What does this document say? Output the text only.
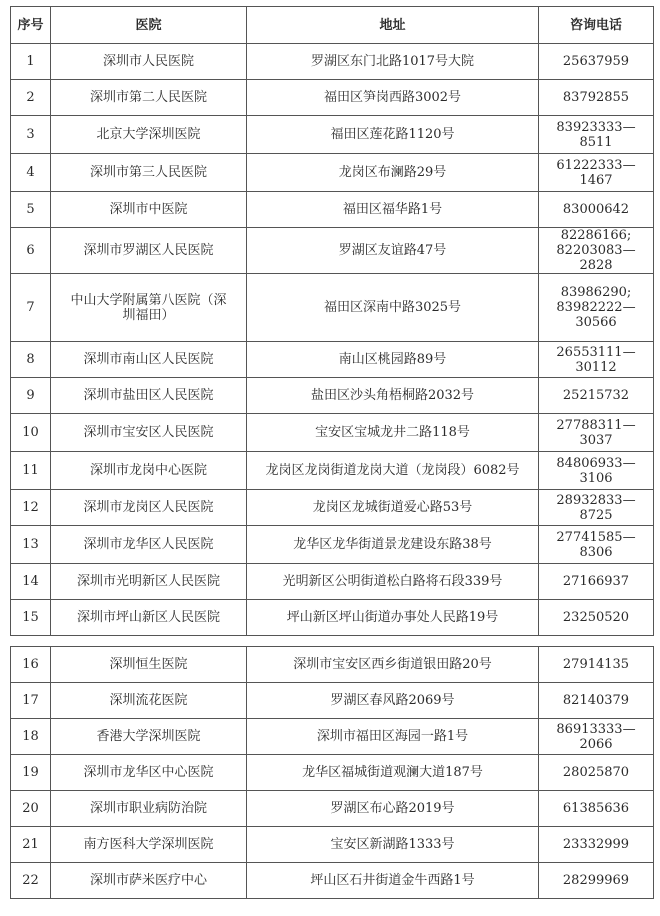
序号	医院	地址	咨询电话
1	深圳市人民医院	罗湖区东门北路1017号大院	25637959
2	深圳市第二人民医院	福田区笋岗西路3002号	83792855
3	北京大学深圳医院	福田区莲花路1120号	83923333—
8511
4	深圳市第三人民医院	龙岗区布澜路29号	61222333—
1467
5	深圳市中医院	福田区福华路1号	83000642
6	深圳市罗湖区人民医院	罗湖区友谊路47号	82286166;
82203083—2828
7	中山大学附属第八医院（深
圳福田）	福田区深南中路3025号	83986290;
83982222—
30566
8	深圳市南山区人民医院	南山区桃园路89号	26553111—
30112
9	深圳市盐田区人民医院	盐田区沙头角梧桐路2032号	25215732
10	深圳市宝安区人民医院	宝安区宝城龙井二路118号	27788311—
3037
11	深圳市龙岗中心医院	龙岗区龙岗街道龙岗大道（龙岗段）6082号	84806933—
3106
12	深圳市龙岗区人民医院	龙岗区龙城街道爱心路53号	28932833—
8725
13	深圳市龙华区人民医院	龙华区龙华街道景龙建设东路38号	27741585—
8306
14	深圳市光明新区人民医院	光明新区公明街道松白路将石段339号	27166937
15	深圳市坪山新区人民医院	坪山新区坪山街道办事处人民路19号	23250520
16	深圳恒生医院	深圳市宝安区西乡街道银田路20号	27914135
17	深圳流花医院	罗湖区春风路2069号	82140379
18	香港大学深圳医院	深圳市福田区海园一路1号	86913333—
2066
19	深圳市龙华区中心医院	龙华区福城街道观澜大道187号	28025870
20	深圳市职业病防治院	罗湖区布心路2019号	61385636
21	南方医科大学深圳医院	宝安区新湖路1333号	23332999
22	深圳市萨米医疗中心	坪山区石井街道金牛西路1号	28299969
